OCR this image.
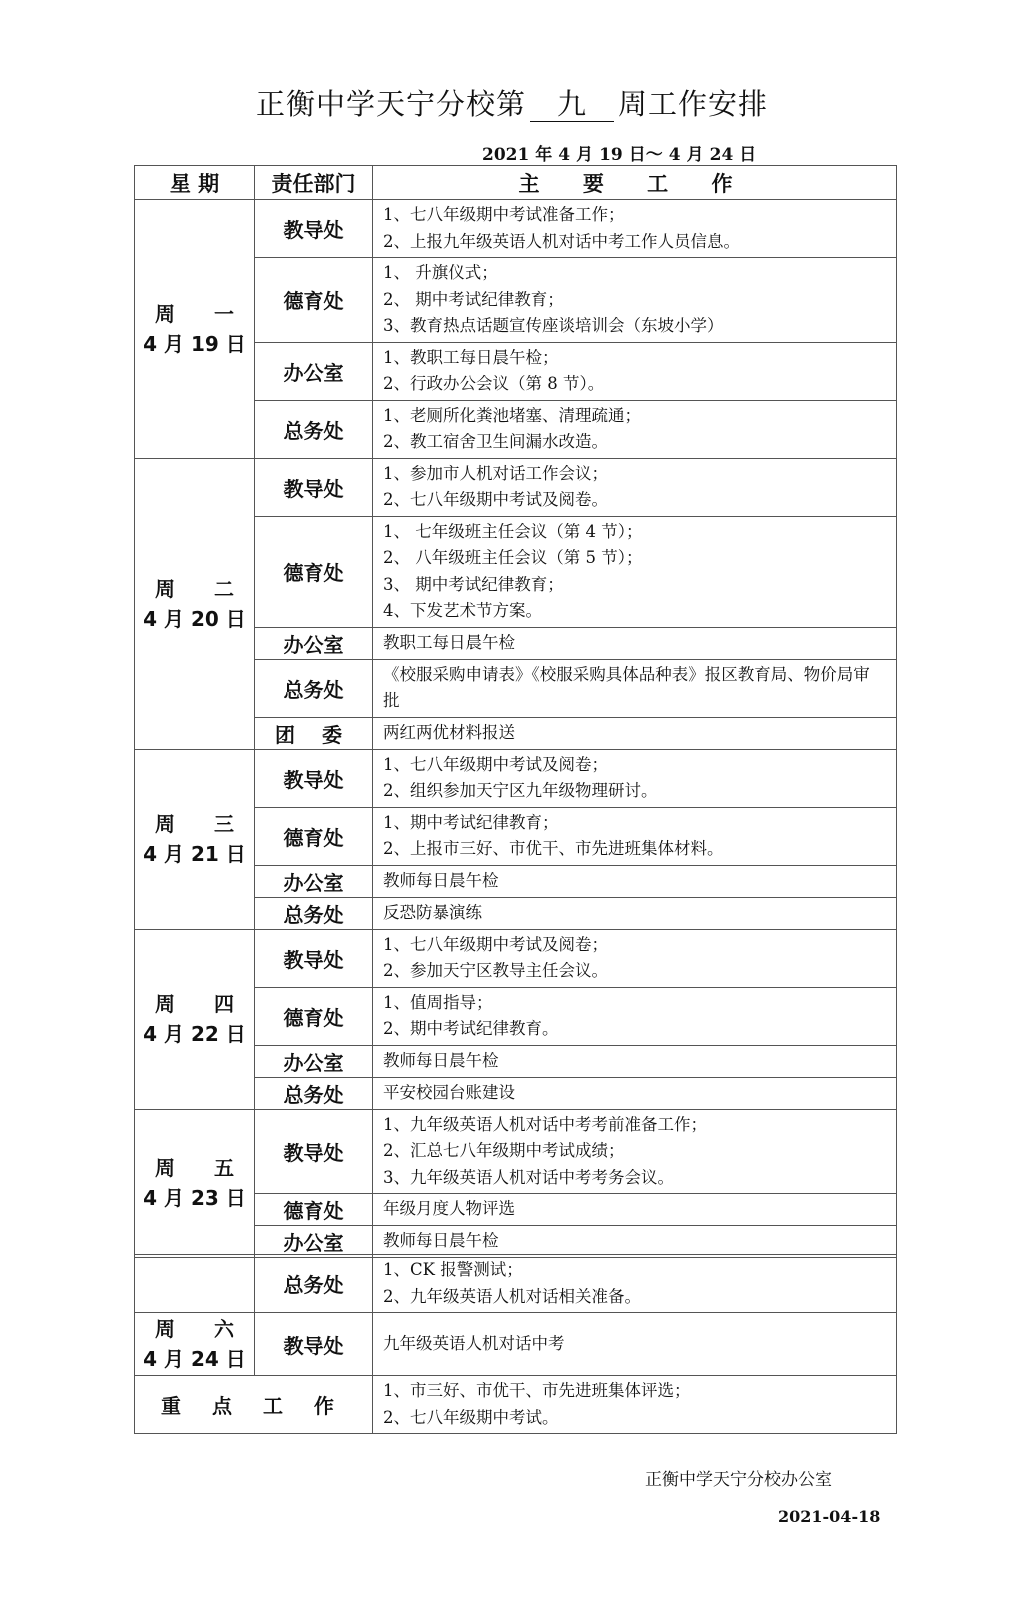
正衡中学天宁分校第 九 周工作安排
2021 年 4 月 19 日～ 4 月 24 日
星 期	责任部门	主 要 工 作

周 一
4 月 19 日	教导处	1、七八年级期中考试准备工作；
2、上报九年级英语人机对话中考工作人员信息。

	德育处	1、 升旗仪式；
2、 期中考试纪律教育；
3、教育热点话题宣传座谈培训会（东坡小学）

	办公室	1、教职工每日晨午检；
2、行政办公会议（第 8 节）。

	总务处	1、老厕所化粪池堵塞、清理疏通；
2、教工宿舍卫生间漏水改造。

周 二
4 月 20 日	教导处	1、参加市人机对话工作会议；
2、七八年级期中考试及阅卷。

	德育处	1、 七年级班主任会议（第 4 节）；
2、 八年级班主任会议（第 5 节）；
3、 期中考试纪律教育；
4、下发艺术节方案。

	办公室	教职工每日晨午检

	总务处	《校服采购申请表》《校服采购具体品种表》报区教育局、物价局审批

	团 委	两红两优材料报送

周 三
4 月 21 日	教导处	1、七八年级期中考试及阅卷；
2、组织参加天宁区九年级物理研讨。

	德育处	1、期中考试纪律教育；
2、上报市三好、市优干、市先进班集体材料。

	办公室	教师每日晨午检

	总务处	反恐防暴演练

周 四
4 月 22 日	教导处	1、七八年级期中考试及阅卷；
2、参加天宁区教导主任会议。

	德育处	1、值周指导；
2、期中考试纪律教育。

	办公室	教师每日晨午检

	总务处	平安校园台账建设

周 五
4 月 23 日	教导处	1、九年级英语人机对话中考考前准备工作；
2、汇总七八年级期中考试成绩；
3、九年级英语人机对话中考考务会议。

	德育处	年级月度人物评选

	办公室	教师每日晨午检
	总务处	1、CK 报警测试；
2、九年级英语人机对话相关准备。

周 六
4 月 24 日	教导处	九年级英语人机对话中考

重 点 工 作		1、市三好、市优干、市先进班集体评选；
2、七八年级期中考试。
正衡中学天宁分校办公室
2021-04-18
